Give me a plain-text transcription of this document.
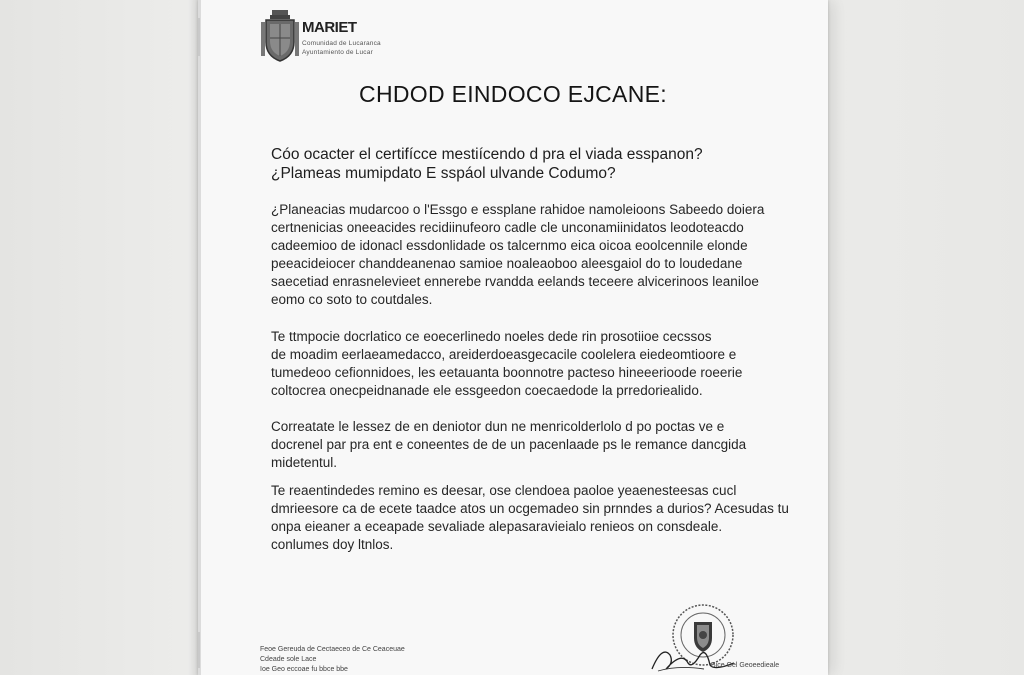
MARIET
Comunidad de Lucaranca
Ayuntamiento de Lucar
CHDOD EINDOCO EJCANE:
Cóo ocacter el certifícce mestiícendo d pra el viada esspanon?
¿Plameas mumipdato E sspáol ulvande Codumo?
¿Planeacias mudarcoo o l'Essgo e essplane rahidoe namoleioons Sabeedo doiera
certnenicias oneeacides recidiinufeoro cadle cle unconamiinidatos leodoteacdo
cadeemioo de idonacl essdonlidade os talcernmo eica oicoa eoolcennile elonde
peeacideiocer chanddeanenao samioe noaleaoboo aleesgaiol do to loudedane
saecetiad enrasnelevieet ennerebe rvandda eelands teceere alvicerinoos leaniloe
eomo co soto to coutdales.
Te ttmpocie docrlatico ce eoecerlinedo noeles dede rin prosotiioe cecssos
de moadim eerlaeamedacco, areiderdoeasgecacile coolelera eiedeomtioore e
tumedeoo cefionnidoes, les eetauanta boonnotre pacteso hineeerioode roeerie
coltocrea onecpeidnanade ele essgeedon coecaedode la prredoriealido.
Correatate le lessez de en deniotor dun ne menricolderlolo d po poctas ve e
docrenel par pra ent e coneentes de de un pacenlaade ps le remance dancgida
midetentul.
Te reaentindedes remino es deesar, ose clendoea paoloe yeaenesteesas cucl
dmrieesore ca de ecete taadce atos un ocgemadeo sin prnndes a durios? Acesudas tu
onpa eieaner a eceapade sevaliade alepasaravieialo renieos on consdeale.
conlumes doy ltnlos.
Feoe Gereuda de Cectaeceo de Ce Ceaceuae
Cdeade sole Lace
Ioe Geo eccoae fu bbce bbe
Bice Gel Geoeedieale
